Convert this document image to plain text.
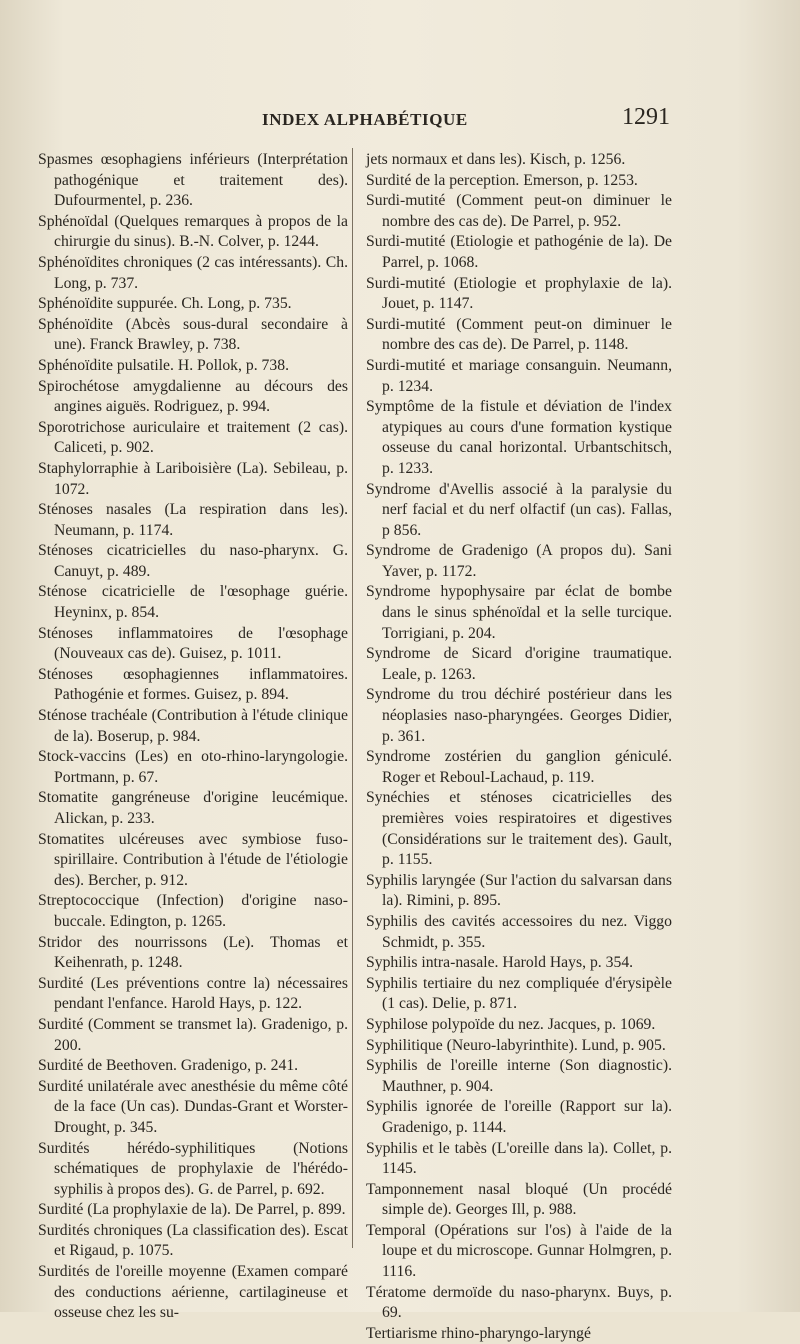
INDEX ALPHABÉTIQUE	1291

Spasmes œsophagiens inférieurs (Interprétation pathogénique et traitement des). Dufourmentel, p. 236.

Sphénoïdal (Quelques remarques à propos de la chirurgie du sinus). B.-N. Colver, p. 1244.

Sphénoïdites chroniques (2 cas intéressants). Ch. Long, p. 737.

Sphénoïdite suppurée. Ch. Long, p. 735.

Sphénoïdite (Abcès sous-dural secondaire à une). Franck Brawley, p. 738.

Sphénoïdite pulsatile. H. Pollok, p. 738.

Spirochétose amygdalienne au décours des angines aiguës. Rodriguez, p. 994.

Sporotrichose auriculaire et traitement (2 cas). Caliceti, p. 902.

Staphylorraphie à Lariboisière (La). Sebileau, p. 1072.

Sténoses nasales (La respiration dans les). Neumann, p. 1174.

Sténoses cicatricielles du naso-pharynx. G. Canuyt, p. 489.

Sténose cicatricielle de l'œsophage guérie. Heyninx, p. 854.

Sténoses inflammatoires de l'œsophage (Nouveaux cas de). Guisez, p. 1011.

Sténoses œsophagiennes inflammatoires. Pathogénie et formes. Guisez, p. 894.

Sténose trachéale (Contribution à l'étude clinique de la). Boserup, p. 984.

Stock-vaccins (Les) en oto-rhino-laryngologie. Portmann, p. 67.

Stomatite gangréneuse d'origine leucémique. Alickan, p. 233.

Stomatites ulcéreuses avec symbiose fuso-spirillaire. Contribution à l'étude de l'étiologie des). Bercher, p. 912.

Streptococcique (Infection) d'origine naso-buccale. Edington, p. 1265.

Stridor des nourrissons (Le). Thomas et Keihenrath, p. 1248.

Surdité (Les préventions contre la) nécessaires pendant l'enfance. Harold Hays, p. 122.

Surdité (Comment se transmet la). Gradenigo, p. 200.

Surdité de Beethoven. Gradenigo, p. 241.

Surdité unilatérale avec anesthésie du même côté de la face (Un cas). Dundas-Grant et Worster-Drought, p. 345.

Surdités hérédo-syphilitiques (Notions schématiques de prophylaxie de l'hérédo-syphilis à propos des). G. de Parrel, p. 692.

Surdité (La prophylaxie de la). De Parrel, p. 899.

Surdités chroniques (La classification des). Escat et Rigaud, p. 1075.

Surdités de l'oreille moyenne (Examen comparé des conductions aérienne, cartilagineuse et osseuse chez les su-

jets normaux et dans les). Kisch, p. 1256.

Surdité de la perception. Emerson, p. 1253.

Surdi-mutité (Comment peut-on diminuer le nombre des cas de). De Parrel, p. 952.

Surdi-mutité (Etiologie et pathogénie de la). De Parrel, p. 1068.

Surdi-mutité (Etiologie et prophylaxie de la). Jouet, p. 1147.

Surdi-mutité (Comment peut-on diminuer le nombre des cas de). De Parrel, p. 1148.

Surdi-mutité et mariage consanguin. Neumann, p. 1234.

Symptôme de la fistule et déviation de l'index atypiques au cours d'une formation kystique osseuse du canal horizontal. Urbantschitsch, p. 1233.

Syndrome d'Avellis associé à la paralysie du nerf facial et du nerf olfactif (un cas). Fallas, p 856.

Syndrome de Gradenigo (A propos du). Sani Yaver, p. 1172.

Syndrome hypophysaire par éclat de bombe dans le sinus sphénoïdal et la selle turcique. Torrigiani, p. 204.

Syndrome de Sicard d'origine traumatique. Leale, p. 1263.

Syndrome du trou déchiré postérieur dans les néoplasies naso-pharyngées. Georges Didier, p. 361.

Syndrome zostérien du ganglion géniculé. Roger et Reboul-Lachaud, p. 119.

Synéchies et sténoses cicatricielles des premières voies respiratoires et digestives (Considérations sur le traitement des). Gault, p. 1155.

Syphilis laryngée (Sur l'action du salvarsan dans la). Rimini, p. 895.

Syphilis des cavités accessoires du nez. Viggo Schmidt, p. 355.

Syphilis intra-nasale. Harold Hays, p. 354.

Syphilis tertiaire du nez compliquée d'érysipèle (1 cas). Delie, p. 871.

Syphilose polypoïde du nez. Jacques, p. 1069.

Syphilitique (Neuro-labyrinthite). Lund, p. 905.

Syphilis de l'oreille interne (Son diagnostic). Mauthner, p. 904.

Syphilis ignorée de l'oreille (Rapport sur la). Gradenigo, p. 1144.

Syphilis et le tabès (L'oreille dans la). Collet, p. 1145.

Tamponnement nasal bloqué (Un procédé simple de). Georges Ill, p. 988.

Temporal (Opérations sur l'os) à l'aide de la loupe et du microscope. Gunnar Holmgren, p. 1116.

Tératome dermoïde du naso-pharynx. Buys, p. 69.

Tertiarisme rhino-pharyngo-laryngé
